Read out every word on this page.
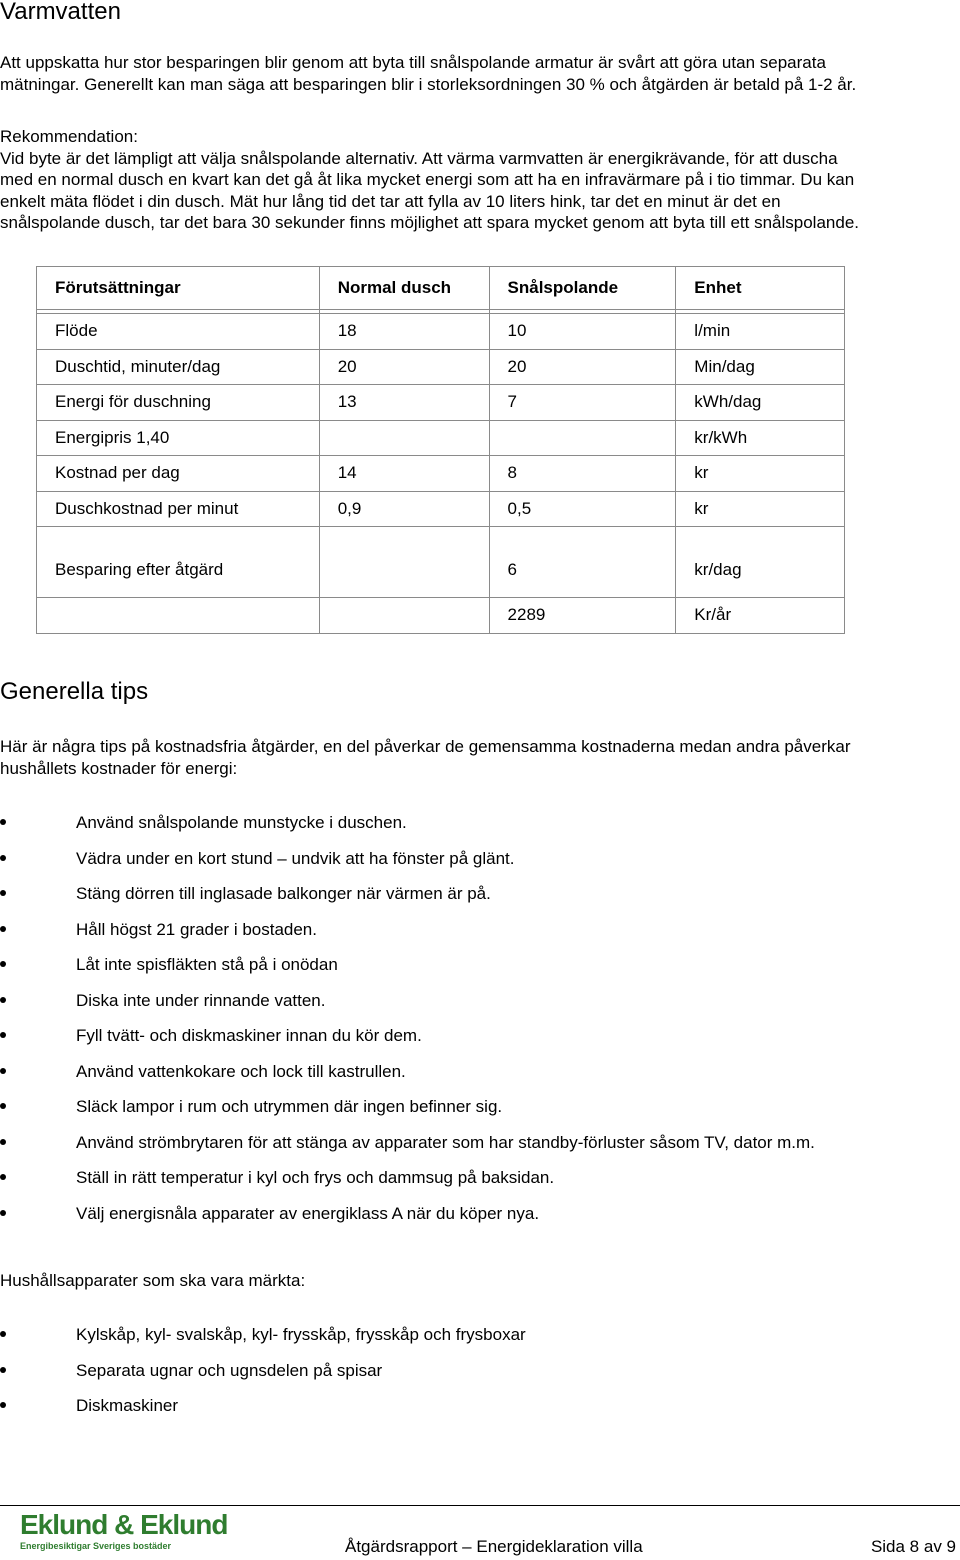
Varmvatten
Att uppskatta hur stor besparingen blir genom att byta till snålspolande armatur är svårt att göra utan separata
mätningar. Generellt kan man säga att besparingen blir i storleksordningen 30 % och åtgärden är betald på 1-2 år.
Rekommendation:
Vid byte är det lämpligt att välja snålspolande alternativ. Att värma varmvatten är energikrävande, för att duscha
med en normal dusch en kvart kan det gå åt lika mycket energi som att ha en infravärmare på i tio timmar. Du kan
enkelt mäta flödet i din dusch. Mät hur lång tid det tar att fylla av 10 liters hink, tar det en minut är det en
snålspolande dusch, tar det bara 30 sekunder finns möjlighet att spara mycket genom att byta till ett snålspolande.
Förutsättningar	Normal dusch	Snålspolande	Enhet

Flöde	18	10	l/min
Duschtid, minuter/dag	20	20	Min/dag
Energi för duschning	13	7	kWh/dag
Energipris 1,40			kr/kWh
Kostnad per dag	14	8	kr
Duschkostnad per minut	0,9	0,5	kr
Besparing efter åtgärd		6	kr/dag
		2289	Kr/år
Generella tips
Här är några tips på kostnadsfria åtgärder, en del påverkar de gemensamma kostnaderna medan andra påverkar
hushållets kostnader för energi:
Använd snålspolande munstycke i duschen.
Vädra under en kort stund – undvik att ha fönster på glänt.
Stäng dörren till inglasade balkonger när värmen är på.
Håll högst 21 grader i bostaden.
Låt inte spisfläkten stå på i onödan
Diska inte under rinnande vatten.
Fyll tvätt- och diskmaskiner innan du kör dem.
Använd vattenkokare och lock till kastrullen.
Släck lampor i rum och utrymmen där ingen befinner sig.
Använd strömbrytaren för att stänga av apparater som har standby-förluster såsom TV, dator m.m.
Ställ in rätt temperatur i kyl och frys och dammsug på baksidan.
Välj energisnåla apparater av energiklass A när du köper nya.
Hushållsapparater som ska vara märkta:
Kylskåp, kyl- svalskåp, kyl- frysskåp, frysskåp och frysboxar
Separata ugnar och ugnsdelen på spisar
Diskmaskiner
Eklund & Eklund
Energibesiktigar Sveriges bostäder	Åtgärdsrapport – Energideklaration villa	Sida 8 av 9
